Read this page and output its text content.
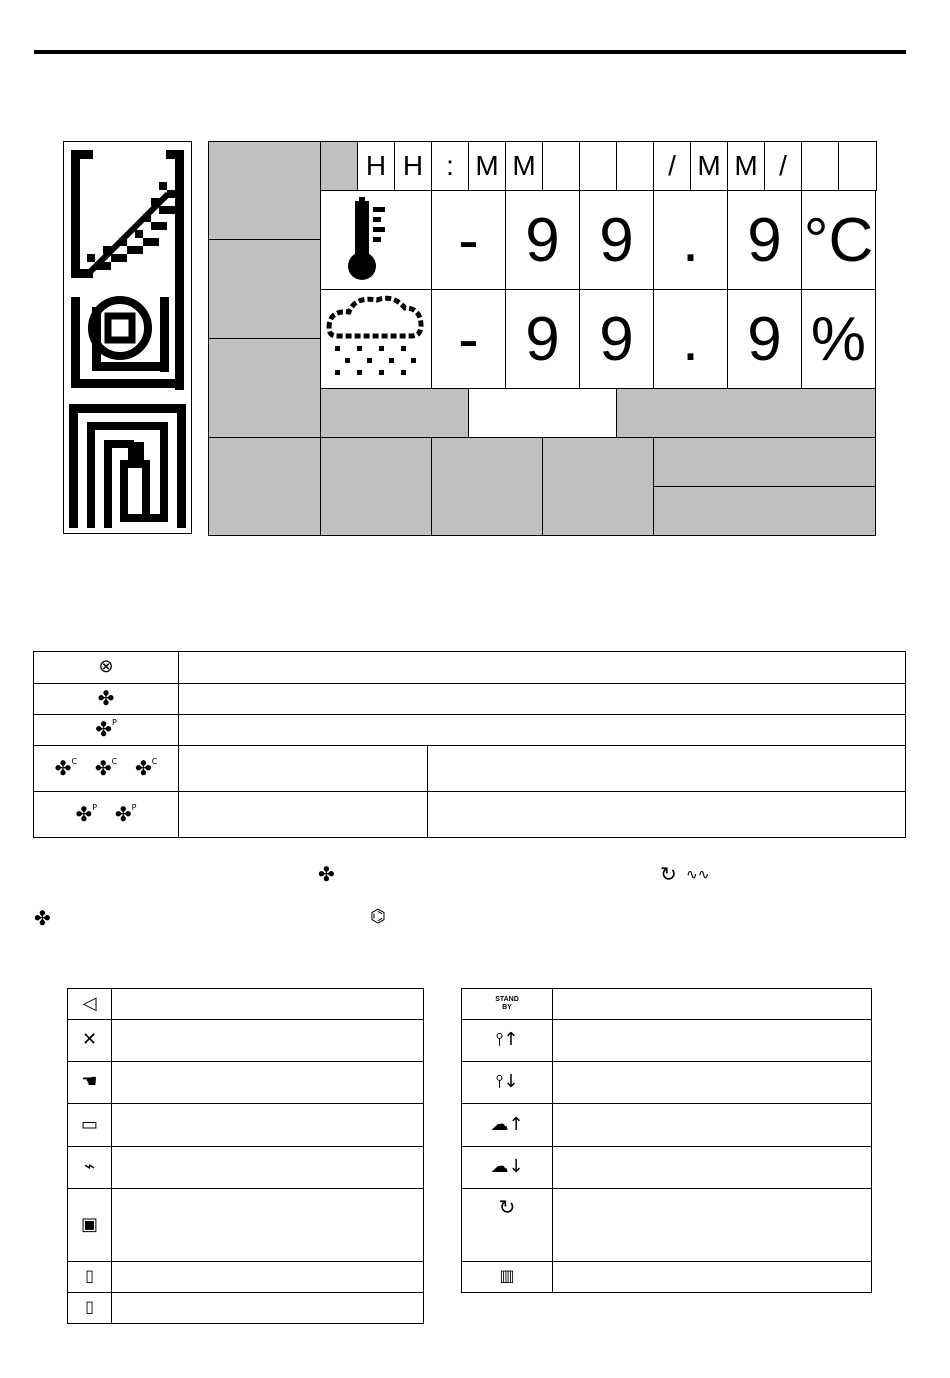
H H : M M	/ M M /
- 9 9 . 9 °C
- 9 9 . 9 %
⊗		
✤		
✤P		
✤C ✤C ✤C		
✤P ✤P		
✤	↻ ∿∿
✤	⌬
◁	
✕	
☚	
▭	
⌁	
▣	
▯	
▯	
STAND
BY	

⫯↑	
⫯↓	
☁↑	
☁↓	
↻	
▥	
